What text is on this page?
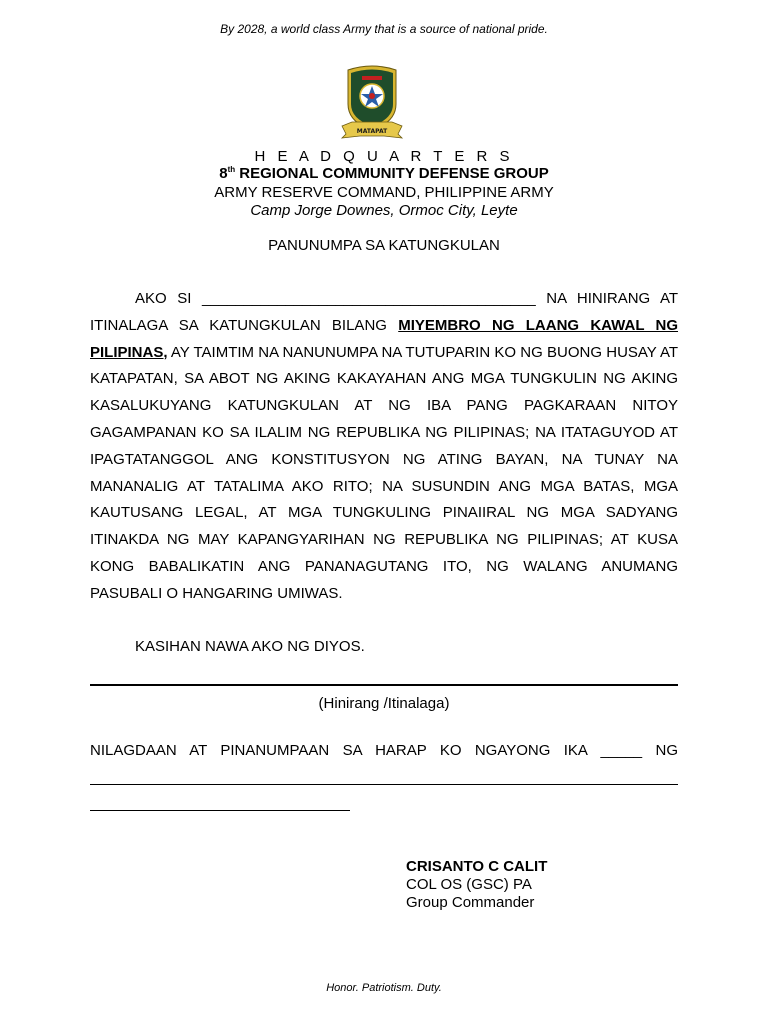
By 2028, a world class Army that is a source of national pride.
MATAPAT
H E A D Q U A R T E R S
8th REGIONAL COMMUNITY DEFENSE GROUP
ARMY RESERVE COMMAND, PHILIPPINE ARMY
Camp Jorge Downes, Ormoc City, Leyte
PANUNUMPA SA KATUNGKULAN
AKO SI ________________________________________ NA HINIRANG AT ITINALAGA SA KATUNGKULAN BILANG MIYEMBRO NG LAANG KAWAL NG PILIPINAS, AY TAIMTIM NA NANUNUMPA NA TUTUPARIN KO NG BUONG HUSAY AT KATAPATAN, SA ABOT NG AKING KAKAYAHAN ANG MGA TUNGKULIN NG AKING KASALUKUYANG KATUNGKULAN AT NG IBA PANG PAGKARAAN NITOY GAGAMPANAN KO SA ILALIM NG REPUBLIKA NG PILIPINAS; NA ITATAGUYOD AT IPAGTATANGGOL ANG KONSTITUSYON NG ATING BAYAN, NA TUNAY NA MANANALIG AT TATALIMA AKO RITO; NA SUSUNDIN ANG MGA BATAS, MGA KAUTUSANG LEGAL, AT MGA TUNGKULING PINAIIRAL NG MGA SADYANG ITINAKDA NG MAY KAPANGYARIHAN NG REPUBLIKA NG PILIPINAS; AT KUSA KONG BABALIKATIN ANG PANANAGUTANG ITO, NG WALANG ANUMANG PASUBALI O HANGARING UMIWAS.
KASIHAN NAWA AKO NG DIYOS.
(Hinirang /Itinalaga)
NILAGDAAN AT PINANUMPAAN SA HARAP KO NGAYONG IKA _____ NG
CRISANTO C CALIT
COL OS (GSC) PA
Group Commander
Honor. Patriotism. Duty.
